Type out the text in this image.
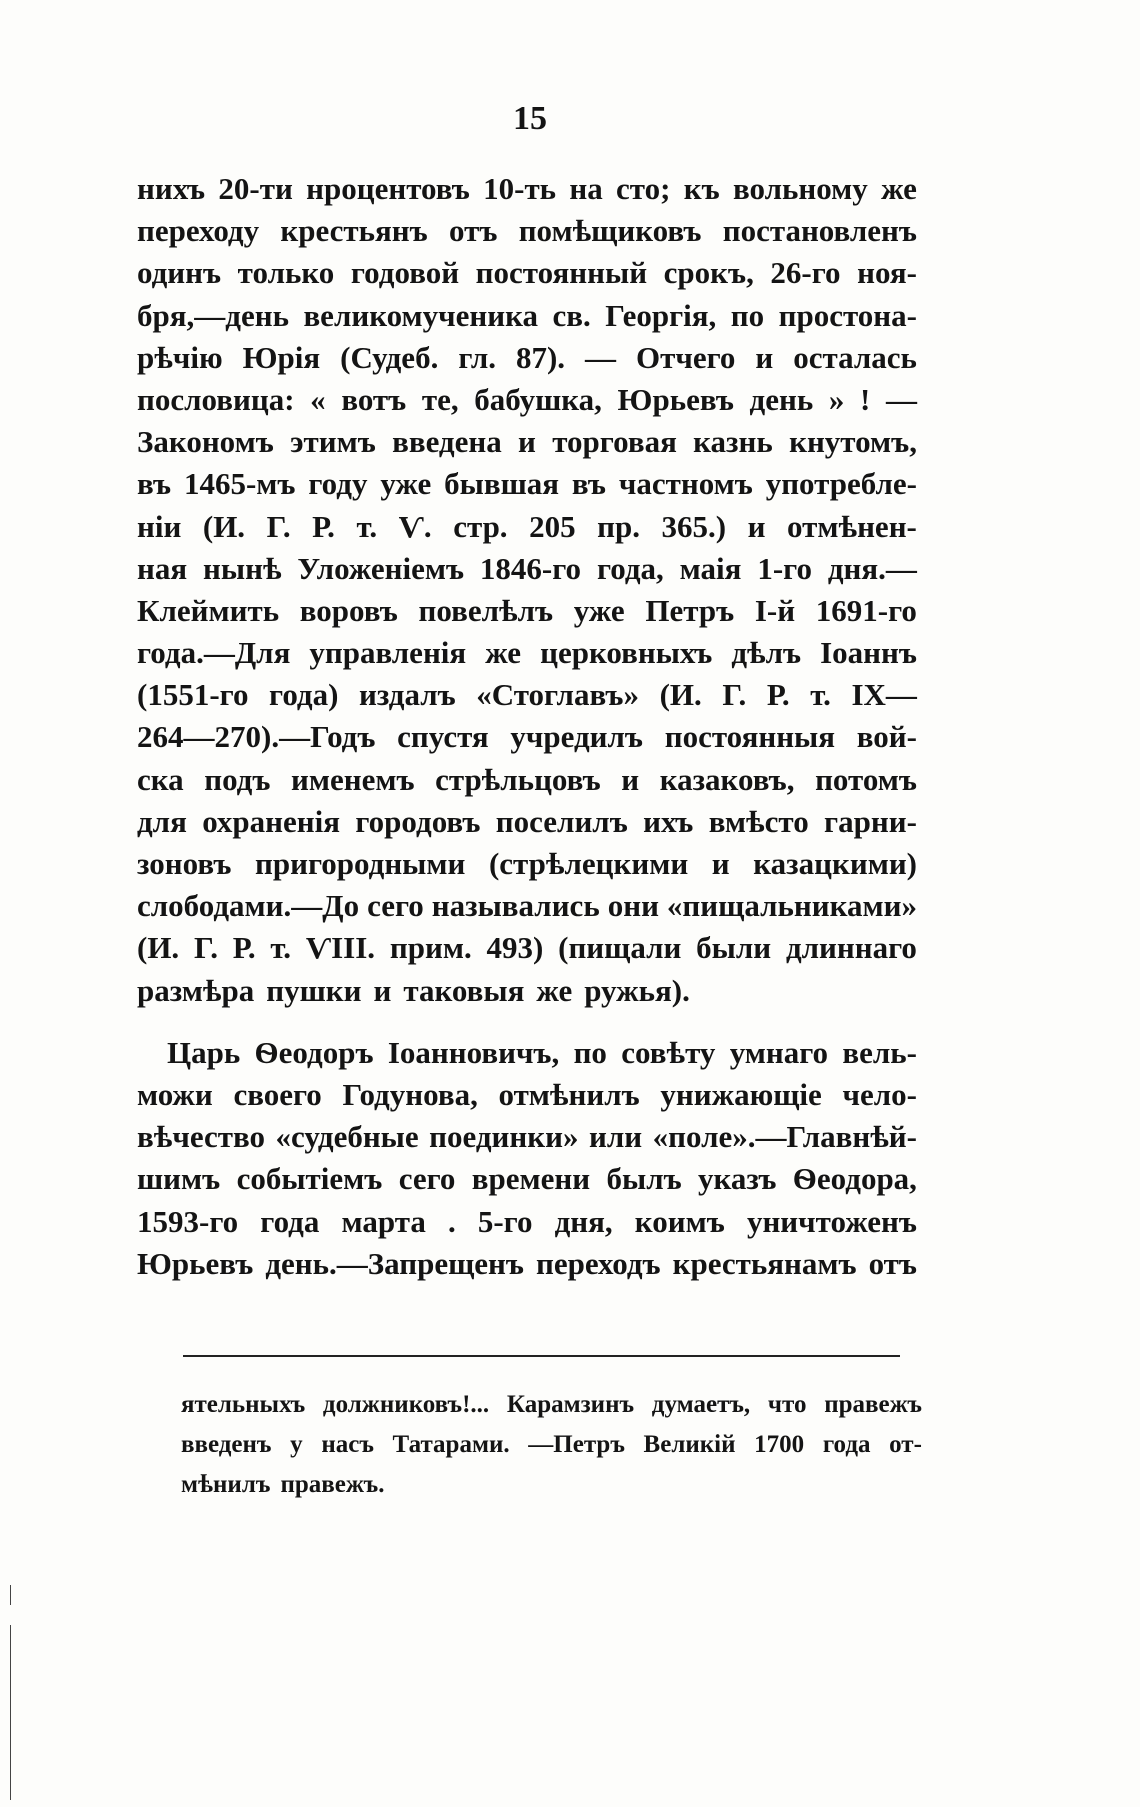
15
нихъ 20-ти нроцентовъ 10-ть на сто; къ вольному же
переходу крестьянъ отъ помѣщиковъ постановленъ
одинъ только годовой постоянный срокъ, 26-го ноя-
бря,—день великомученика св. Георгія, по простона-
рѣчію Юрія (Судеб. гл. 87). — Отчего и осталась
пословица: « вотъ те, бабушка, Юрьевъ день » ! —
Закономъ этимъ введена и торговая казнь кнутомъ,
въ 1465-мъ году уже бывшая въ частномъ употребле-
ніи (И. Г. Р. т. Ѵ. стр. 205 пр. 365.) и отмѣнен-
ная нынѣ Уложеніемъ 1846-го года, маія 1-го дня.—
Клеймить воровъ повелѣлъ уже Петръ І-й 1691-го
года.—Для управленія же церковныхъ дѣлъ Іоаннъ
(1551-го года) издалъ «Стоглавъ» (И. Г. Р. т. IX—
264—270).—Годъ спустя учредилъ постоянныя вой-
ска подъ именемъ стрѣльцовъ и казаковъ, потомъ
для охраненія городовъ поселилъ ихъ вмѣсто гарни-
зоновъ пригородными (стрѣлецкими и казацкими)
слободами.—До сего назывались они «пищальниками»
(И. Г. Р. т. ѴIII. прим. 493) (пищали были длиннаго
размѣра пушки и таковыя же ружья).
Царь Ѳеодоръ Іоанновичъ, по совѣту умнаго вель-
можи своего Годунова, отмѣнилъ унижающіе чело-
вѣчество «судебные поединки» или «поле».—Главнѣй-
шимъ событіемъ сего времени былъ указъ Ѳеодора,
1593-го года марта . 5-го дня, коимъ уничтоженъ
Юрьевъ день.—Запрещенъ переходъ крестьянамъ отъ
ятельныхъ должниковъ!... Карамзинъ думаетъ, что правежъ
введенъ у насъ Татарами. —Петръ Великій 1700 года от-
мѣнилъ правежъ.
